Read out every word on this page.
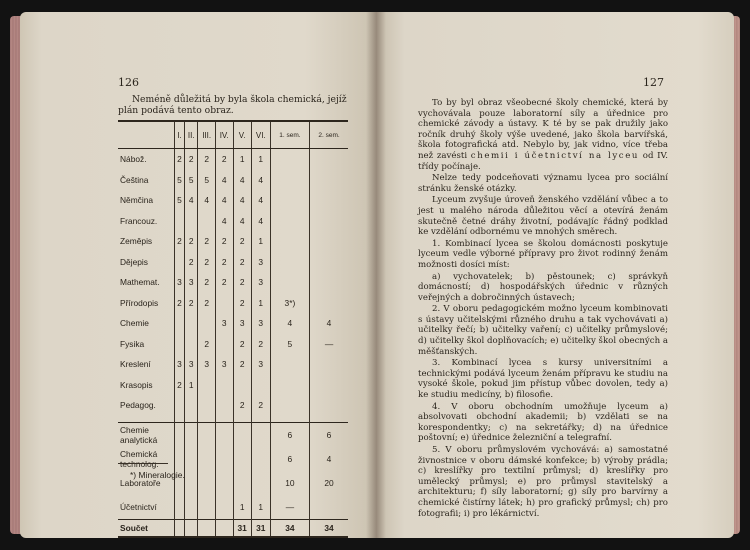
126	127
Neméně důležitá by byla škola chemická, jejíž plán podává tento obraz.
	I.	II.	III.	IV.	V.	VI.	1. sem.	2. sem.
Nábož.	2	2	2	2	1	1		
Čeština	5	5	5	4	4	4		
Němčina	5	4	4	4	4	4		
Francouz.				4	4	4		
Zeměpis	2	2	2	2	2	1		
Dějepis		2	2	2	2	3		
Mathemat.	3	3	2	2	2	3		
Přírodopis	2	2	2		2	1	3*)	
Chemie				3	3	3	4	4
Fysika			2		2	2	5	—
Kreslení	3	3	3	3	2	3		
Krasopis	2	1						
Pedagog.					2	2		

Chemie analytická							6	6
Chemická technolog.							6	4
Laboratoře							10	20
Účetnictví					1	1	—	
Součet					31	31	34	34
*) Mineralogie.

To by byl obraz všeobecné školy chemické, která by vychovávala pouze laboratorní síly a úřednice pro chemické závody a ústavy. K té by se pak družily jako ročník druhý školy výše uvedené, jako škola barvířská, škola fotografická atd. Nebylo by, jak vidno, více třeba než zavésti chemii i účetnictví na lyceu od IV. třídy počínaje.

Nelze tedy podceňovati významu lycea pro sociální stránku ženské otázky.

Lyceum zvyšuje úroveň ženského vzdělání vůbec a to jest u malého národa důležitou věcí a otevírá ženám skutečně četné dráhy životní, podávajíc řádný podklad ke vzdělání odbornému ve mnohých směrech.

1. Kombinací lycea se školou domácnosti poskytuje lyceum vedle výborné přípravy pro život rodinný ženám možnosti dosíci míst:

a) vychovatelek; b) pěstounek; c) správkyň domácností; d) hospodářských úřednic v různých veřejných a dobročinných ústavech;

2. V oboru pedagogickém možno lyceum kombinovati s ústavy učitelskými různého druhu a tak vychovávati a) učitelky řečí; b) učitelky vaření; c) učitelky průmyslové; d) učitelky škol doplňovacích; e) učitelky škol obecných a měšťanských.

3. Kombinací lycea s kursy universitními a technickými podává lyceum ženám přípravu ke studiu na vysoké škole, pokud jim přístup vůbec dovolen, tedy a) ke studiu medicíny, b) filosofie.

4. V oboru obchodním umožňuje lyceum a) absolvovati obchodní akademii; b) vzdělati se na korespondentky; c) na sekretářky; d) na úřednice poštovní; e) úřednice železniční a telegrafní.

5. V oboru průmyslovém vychovává: a) samostatné živnostnice v oboru dámské konfekce; b) výroby prádla; c) kreslířky pro textilní průmysl; d) kreslířky pro umělecký průmysl; e) pro průmysl stavitelský a architekturu; f) síly laboratorní; g) síly pro barvírny a chemické čistírny látek; h) pro grafický průmysl; ch) pro fotografii; i) pro lékárnictví.
